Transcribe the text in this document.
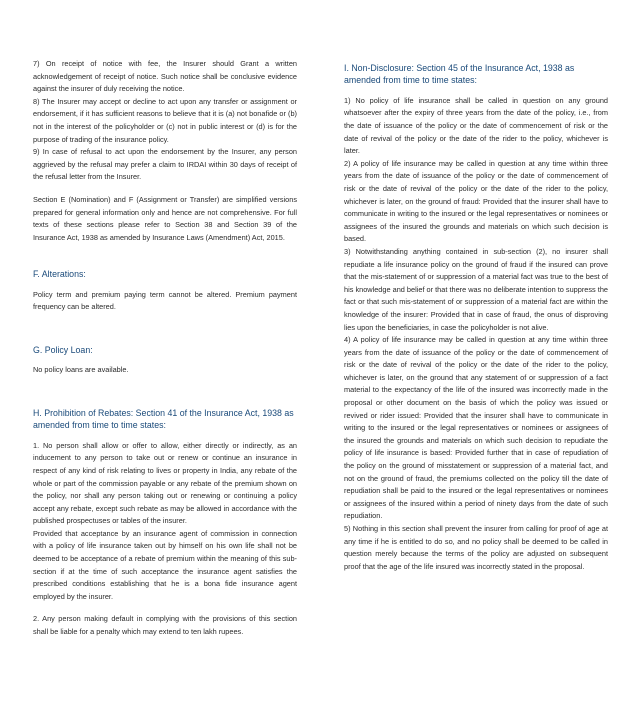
7) On receipt of notice with fee, the Insurer should Grant a written acknowledgement of receipt of notice. Such notice shall be conclusive evidence against the insurer of duly receiving the notice.

8) The Insurer may accept or decline to act upon any transfer or assignment or endorsement, if it has sufficient reasons to believe that it is (a) not bonafide or (b) not in the interest of the policyholder or (c) not in public interest or (d) is for the purpose of trading of the insurance policy.

9) In case of refusal to act upon the endorsement by the Insurer, any person aggrieved by the refusal may prefer a claim to IRDAI within 30 days of receipt of the refusal letter from the Insurer.

Section E (Nomination) and F (Assignment or Transfer) are simplified versions prepared for general information only and hence are not comprehensive. For full texts of these sections please refer to Section 38 and Section 39 of the Insurance Act, 1938 as amended by Insurance Laws (Amendment) Act, 2015.

F. Alterations:

Policy term and premium paying term cannot be altered. Premium payment frequency can be altered.

G. Policy Loan:

No policy loans are available.

H. Prohibition of Rebates: Section 41 of the Insurance Act, 1938 as amended from time to time states:

1. No person shall allow or offer to allow, either directly or indirectly, as an inducement to any person to take out or renew or continue an insurance in respect of any kind of risk relating to lives or property in India, any rebate of the whole or part of the commission payable or any rebate of the premium shown on the policy, nor shall any person taking out or renewing or continuing a policy accept any rebate, except such rebate as may be allowed in accordance with the published prospectuses or tables of the insurer.

Provided that acceptance by an insurance agent of commission in connection with a policy of life insurance taken out by himself on his own life shall not be deemed to be acceptance of a rebate of premium within the meaning of this sub-section if at the time of such acceptance the insurance agent satisfies the prescribed conditions establishing that he is a bona fide insurance agent employed by the insurer.

2. Any person making default in complying with the provisions of this section shall be liable for a penalty which may extend to ten lakh rupees.

I. Non-Disclosure: Section 45 of the Insurance Act, 1938 as amended from time to time states:

1) No policy of life insurance shall be called in question on any ground whatsoever after the expiry of three years from the date of the policy, i.e., from the date of issuance of the policy or the date of commencement of risk or the date of revival of the policy or the date of the rider to the policy, whichever is later.

2) A policy of life insurance may be called in question at any time within three years from the date of issuance of the policy or the date of commencement of risk or the date of revival of the policy or the date of the rider to the policy, whichever is later, on the ground of fraud: Provided that the insurer shall have to communicate in writing to the insured or the legal representatives or nominees or assignees of the insured the grounds and materials on which such decision is based.

3) Notwithstanding anything contained in sub-section (2), no insurer shall repudiate a life insurance policy on the ground of fraud if the insured can prove that the mis-statement of or suppression of a material fact was true to the best of his knowledge and belief or that there was no deliberate intention to suppress the fact or that such mis-statement of or suppression of a material fact are within the knowledge of the insurer: Provided that in case of fraud, the onus of disproving lies upon the beneficiaries, in case the policyholder is not alive.

4) A policy of life insurance may be called in question at any time within three years from the date of issuance of the policy or the date of commencement of risk or the date of revival of the policy or the date of the rider to the policy, whichever is later, on the ground that any statement of or suppression of a fact material to the expectancy of the life of the insured was incorrectly made in the proposal or other document on the basis of which the policy was issued or revived or rider issued: Provided that the insurer shall have to communicate in writing to the insured or the legal representatives or nominees or assignees of the insured the grounds and materials on which such decision to repudiate the policy of life insurance is based: Provided further that in case of repudiation of the policy on the ground of misstatement or suppression of a material fact, and not on the ground of fraud, the premiums collected on the policy till the date of repudiation shall be paid to the insured or the legal representatives or nominees or assignees of the insured within a period of ninety days from the date of such repudiation.

5) Nothing in this section shall prevent the insurer from calling for proof of age at any time if he is entitled to do so, and no policy shall be deemed to be called in question merely because the terms of the policy are adjusted on subsequent proof that the age of the life insured was incorrectly stated in the proposal.
